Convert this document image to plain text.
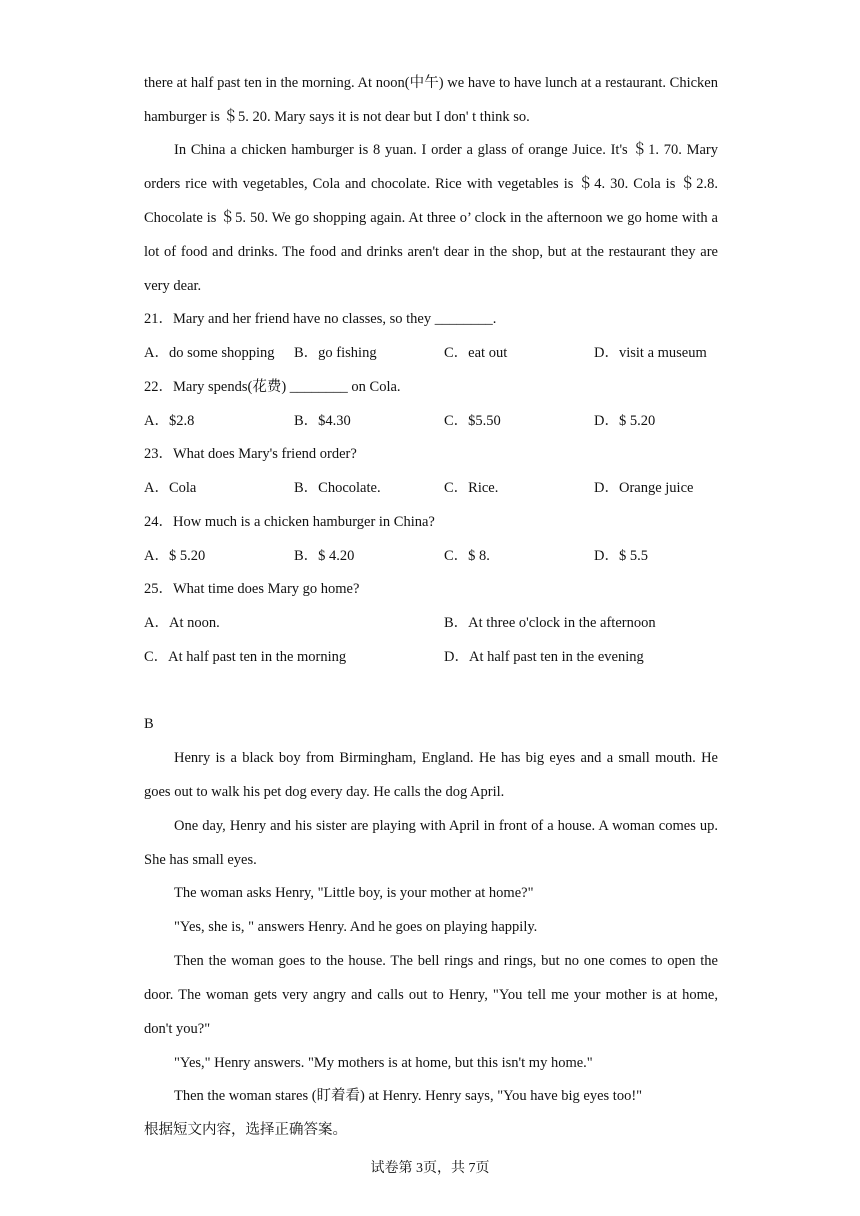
there at half past ten in the morning. At noon(中午) we have to have lunch at a restaurant. Chicken hamburger is ＄5. 20. Mary says it is not dear but I don' t think so.

In China a chicken hamburger is 8 yuan. I order a glass of orange Juice. It's ＄1. 70. Mary orders rice with vegetables, Cola and chocolate. Rice with vegetables is ＄4. 30. Cola is ＄2.8. Chocolate is ＄5. 50. We go shopping again. At three o’ clock in the afternoon we go home with a lot of food and drinks. The food and drinks aren't dear in the shop, but at the restaurant they are very dear.

21．Mary and her friend have no classes, so they ________.

A．do some shopping B．go fishing	C．eat out	D．visit a museum

22．Mary spends(花费) ________ on Cola.

A．$2.8	B．$4.30	C．$5.50	D．$ 5.20

23．What does Mary's friend order?

A．Cola	B．Chocolate.	C．Rice.	D．Orange juice

24．How much is a chicken hamburger in China?

A．$ 5.20	B．$ 4.20	C．$ 8.	D．$ 5.5

25．What time does Mary go home?

A．At noon.	B．At three o'clock in the afternoon
C．At half past ten in the morning	D．At half past ten in the evening

B

Henry is a black boy from Birmingham, England. He has big eyes and a small mouth. He goes out to walk his pet dog every day. He calls the dog April.

One day, Henry and his sister are playing with April in front of a house. A woman comes up. She has small eyes.

The woman asks Henry, "Little boy, is your mother at home?"

"Yes, she is, " answers Henry. And he goes on playing happily.

Then the woman goes to the house. The bell rings and rings, but no one comes to open the door. The woman gets very angry and calls out to Henry, "You tell me your mother is at home, don't you?"

"Yes," Henry answers. "My mothers is at home, but this isn't my home."

Then the woman stares (盯着看) at Henry. Henry says, "You have big eyes too!"

根据短文内容，选择正确答案。

试卷第 3页，共 7页
